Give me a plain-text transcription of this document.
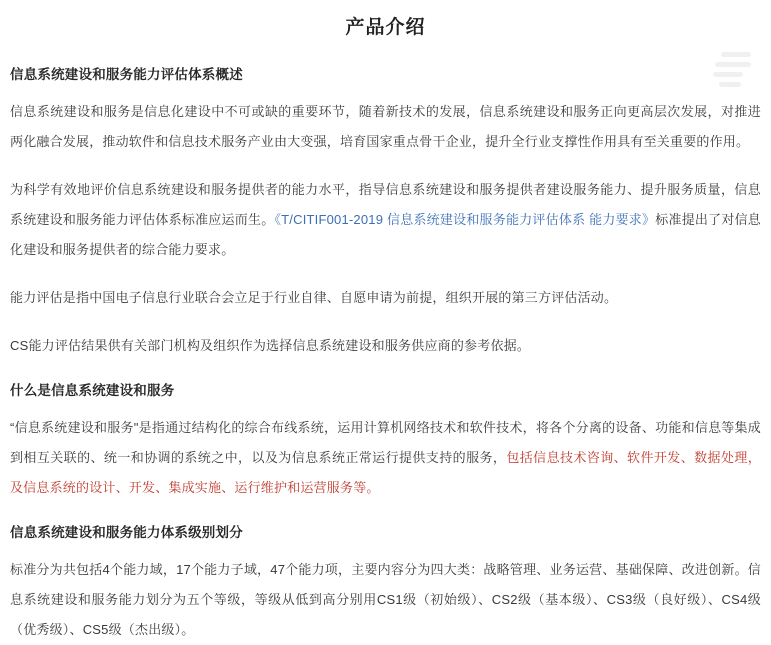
产品介绍
信息系统建设和服务能力评估体系概述

信息系统建设和服务是信息化建设中不可或缺的重要环节，随着新技术的发展，信息系统建设和服务正向更高层次发展，对推进两化融合发展，推动软件和信息技术服务产业由大变强，培育国家重点骨干企业，提升全行业支撑性作用具有至关重要的作用。

为科学有效地评价信息系统建设和服务提供者的能力水平，指导信息系统建设和服务提供者建设服务能力、提升服务质量，信息系统建设和服务能力评估体系标准应运而生。《T/CITIF001-2019 信息系统建设和服务能力评估体系 能力要求》标准提出了对信息化建设和服务提供者的综合能力要求。

能力评估是指中国电子信息行业联合会立足于行业自律、自愿申请为前提，组织开展的第三方评估活动。

CS能力评估结果供有关部门机构及组织作为选择信息系统建设和服务供应商的参考依据。

什么是信息系统建设和服务

“信息系统建设和服务"是指通过结构化的综合布线系统，运用计算机网络技术和软件技术，将各个分离的设备、功能和信息等集成到相互关联的、统一和协调的系统之中，以及为信息系统正常运行提供支持的服务，包括信息技术咨询、软件开发、数据处理，及信息系统的设计、开发、集成实施、运行维护和运营服务等。

信息系统建设和服务能力体系级别划分

标准分为共包括4个能力域，17个能力子域，47个能力项，主要内容分为四大类：战略管理、业务运营、基础保障、改进创新。信息系统建设和服务能力划分为五个等级，等级从低到高分别用CS1级（初始级）、CS2级（基本级）、CS3级（良好级）、CS4级（优秀级）、CS5级（杰出级）。
